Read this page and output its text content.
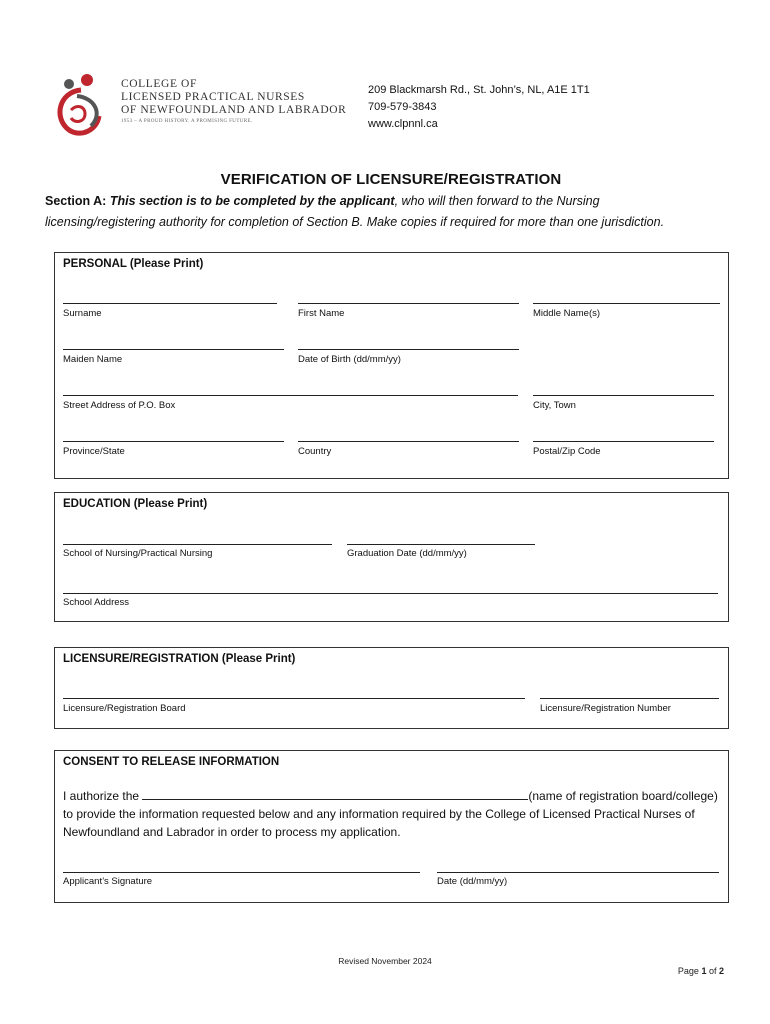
COLLEGE OF
LICENSED PRACTICAL NURSES
OF NEWFOUNDLAND AND LABRADOR
1953 – A PROUD HISTORY. A PROMISING FUTURE.
209 Blackmarsh Rd., St. John’s, NL, A1E 1T1
709-579-3843
www.clpnnl.ca
VERIFICATION OF LICENSURE/REGISTRATION
Section A: This section is to be completed by the applicant, who will then forward to the Nursing licensing/registering authority for completion of Section B. Make copies if required for more than one jurisdiction.
PERSONAL (Please Print)
Surname	First Name	Middle Name(s)
Maiden Name	Date of Birth (dd/mm/yy)
Street Address of P.O. Box	City, Town
Province/State	Country	Postal/Zip Code
EDUCATION (Please Print)
School of Nursing/Practical Nursing	Graduation Date (dd/mm/yy)
School Address
LICENSURE/REGISTRATION (Please Print)
Licensure/Registration Board	Licensure/Registration Number
CONSENT TO RELEASE INFORMATION
I authorize the	(name of registration board/college) to provide the information requested below and any information required by the College of Licensed Practical Nurses of Newfoundland and Labrador in order to process my application.
Applicant’s Signature	Date (dd/mm/yy)
Revised November 2024
Page 1 of 2
